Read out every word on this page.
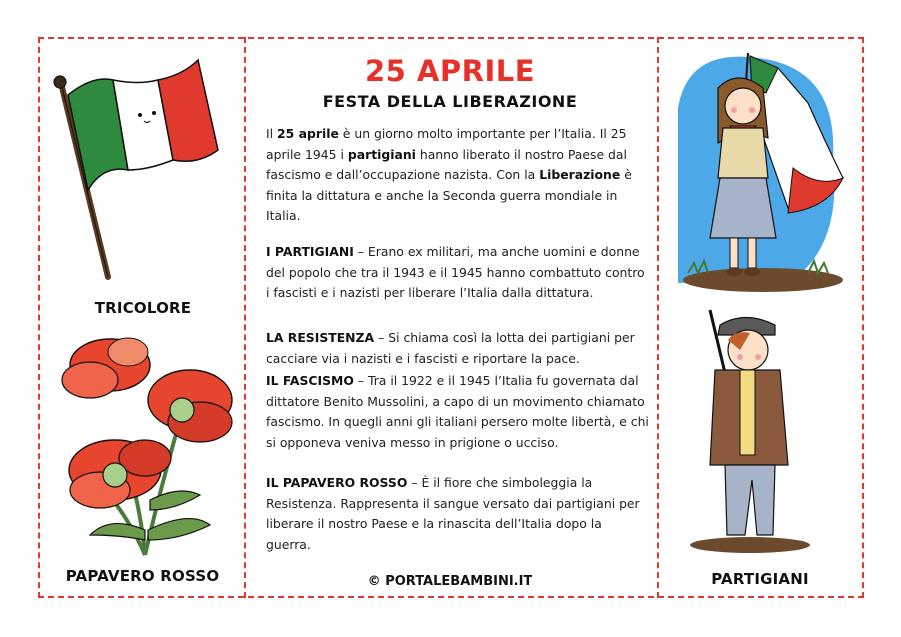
TRICOLORE
PAPAVERO ROSSO
25 APRILE
FESTA DELLA LIBERAZIONE
Il 25 aprile è un giorno molto importante per l’Italia. Il 25 aprile 1945 i partigiani hanno liberato il nostro Paese dal fascismo e dall’occupazione nazista. Con la Liberazione è finita la dittatura e anche la Seconda guerra mondiale in Italia.
I PARTIGIANI – Erano ex militari, ma anche uomini e donne del popolo che tra il 1943 e il 1945 hanno combattuto contro i fascisti e i nazisti per liberare l’Italia dalla dittatura.
LA RESISTENZA – Si chiama così la lotta dei partigiani per cacciare via i nazisti e i fascisti e riportare la pace.
IL FASCISMO – Tra il 1922 e il 1945 l’Italia fu governata dal dittatore Benito Mussolini, a capo di un movimento chiamato fascismo. In quegli anni gli italiani persero molte libertà, e chi si opponeva veniva messo in prigione o ucciso.
IL PAPAVERO ROSSO – È il fiore che simboleggia la Resistenza. Rappresenta il sangue versato dai partigiani per liberare il nostro Paese e la rinascita dell’Italia dopo la guerra.
© PORTALEBAMBINI.IT	PARTIGIANI
